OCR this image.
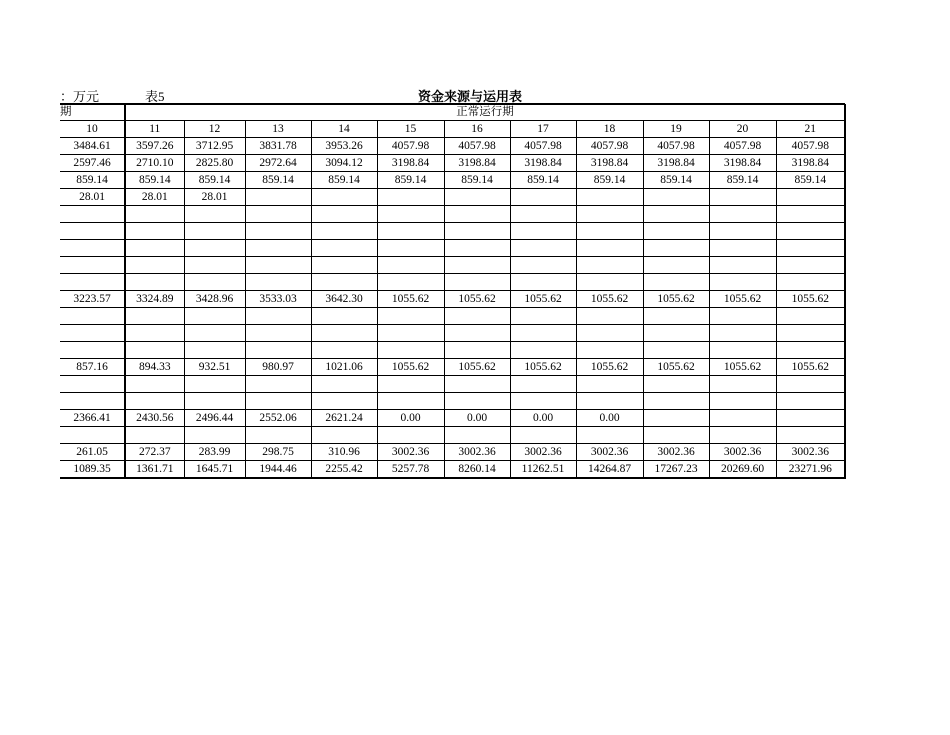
：万元	表5	资金来源与运用表
期	正常运行期										
10	11	12	13	14	15	16	17	18	19	20	21
3484.61	3597.26	3712.95	3831.78	3953.26	4057.98	4057.98	4057.98	4057.98	4057.98	4057.98	4057.98
2597.46	2710.10	2825.80	2972.64	3094.12	3198.84	3198.84	3198.84	3198.84	3198.84	3198.84	3198.84
859.14	859.14	859.14	859.14	859.14	859.14	859.14	859.14	859.14	859.14	859.14	859.14
28.01	28.01	28.01									

3223.57	3324.89	3428.96	3533.03	3642.30	1055.62	1055.62	1055.62	1055.62	1055.62	1055.62	1055.62

857.16	894.33	932.51	980.97	1021.06	1055.62	1055.62	1055.62	1055.62	1055.62	1055.62	1055.62

2366.41	2430.56	2496.44	2552.06	2621.24	0.00	0.00	0.00	0.00			

261.05	272.37	283.99	298.75	310.96	3002.36	3002.36	3002.36	3002.36	3002.36	3002.36	3002.36
1089.35	1361.71	1645.71	1944.46	2255.42	5257.78	8260.14	11262.51	14264.87	17267.23	20269.60	23271.96
